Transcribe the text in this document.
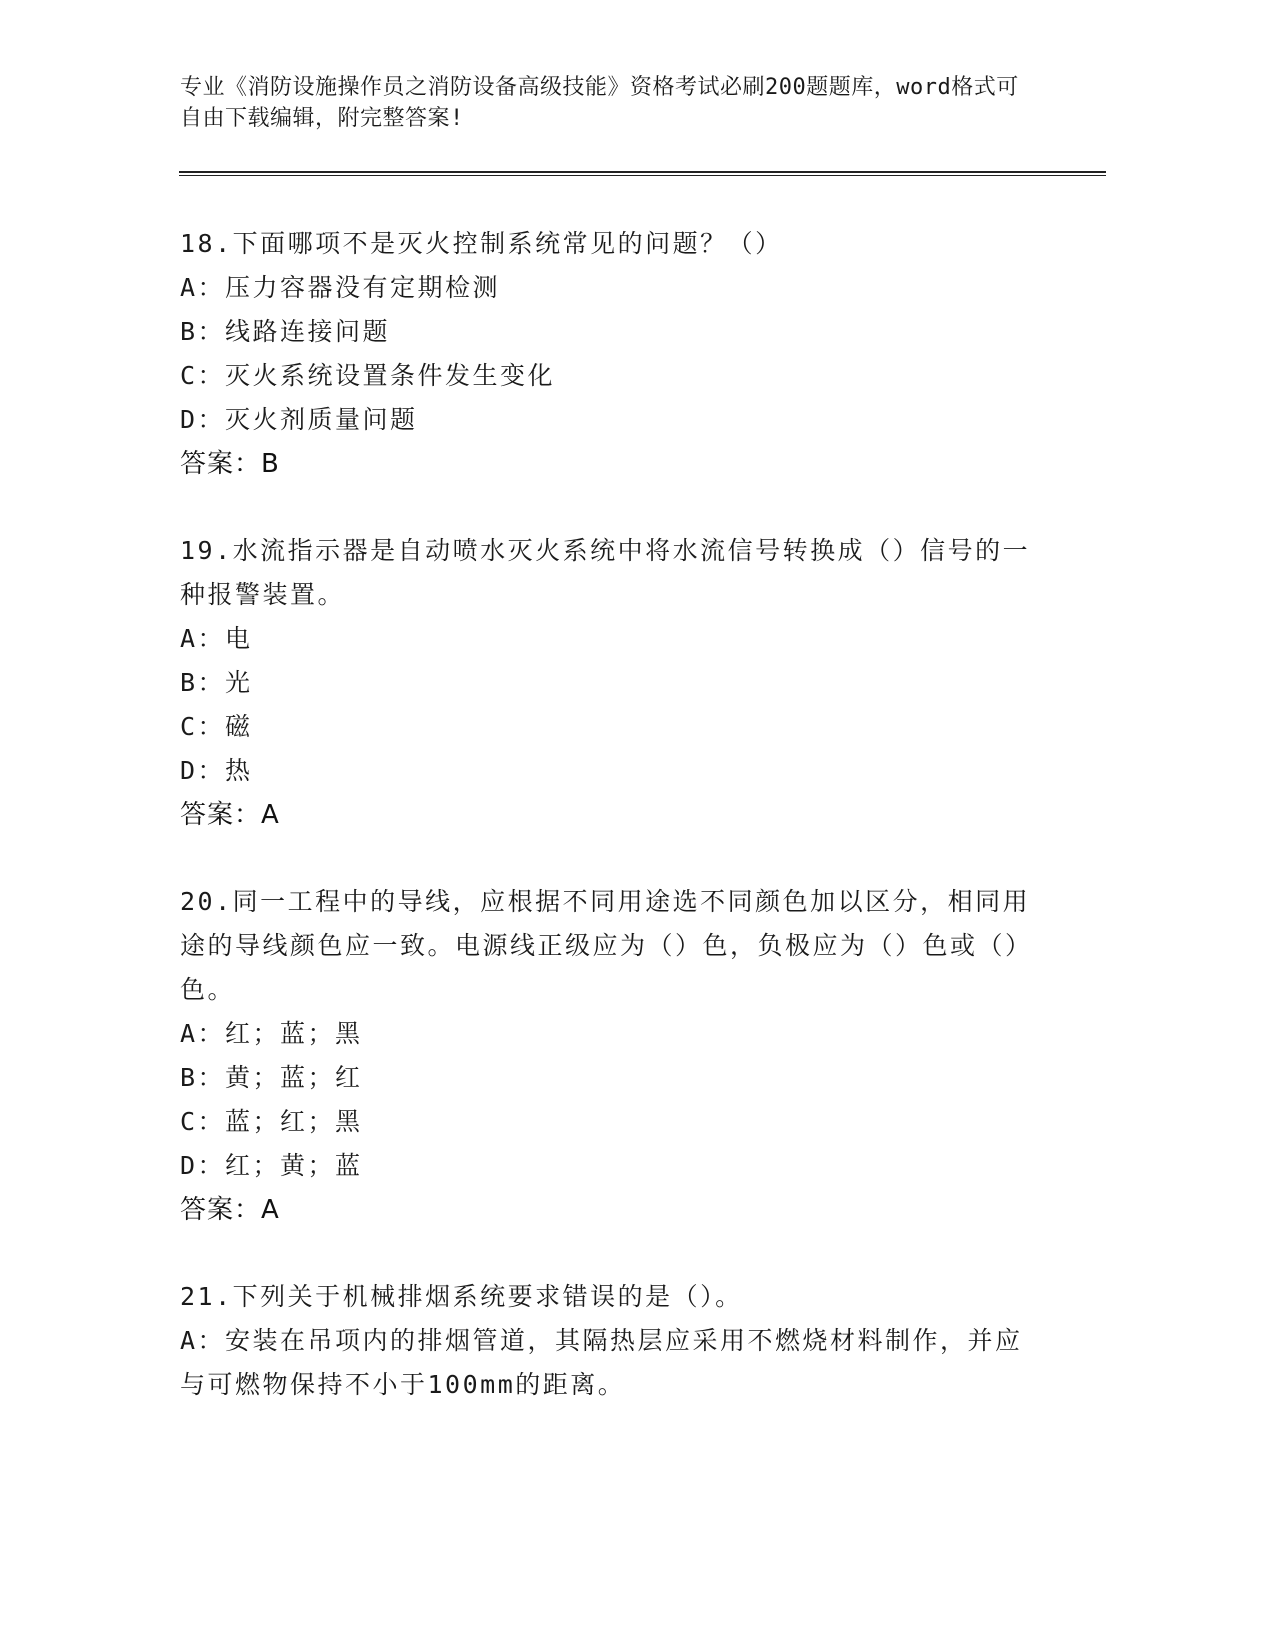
专业《消防设施操作员之消防设备高级技能》资格考试必刷200题题库，word格式可自由下载编辑，附完整答案!
18.下面哪项不是灭火控制系统常见的问题？（）
A：压力容器没有定期检测
B：线路连接问题
C：灭火系统设置条件发生变化
D：灭火剂质量问题
答案：B
19.水流指示器是自动喷水灭火系统中将水流信号转换成（）信号的一种报警装置。
A：电
B：光
C：磁
D：热
答案：A
20.同一工程中的导线，应根据不同用途选不同颜色加以区分，相同用途的导线颜色应一致。电源线正级应为（）色，负极应为（）色或（）色。
A：红；蓝；黑
B：黄；蓝；红
C：蓝；红；黑
D：红；黄；蓝
答案：A
21.下列关于机械排烟系统要求错误的是（）。
A：安装在吊项内的排烟管道，其隔热层应采用不燃烧材料制作，并应与可燃物保持不小于100mm的距离。
